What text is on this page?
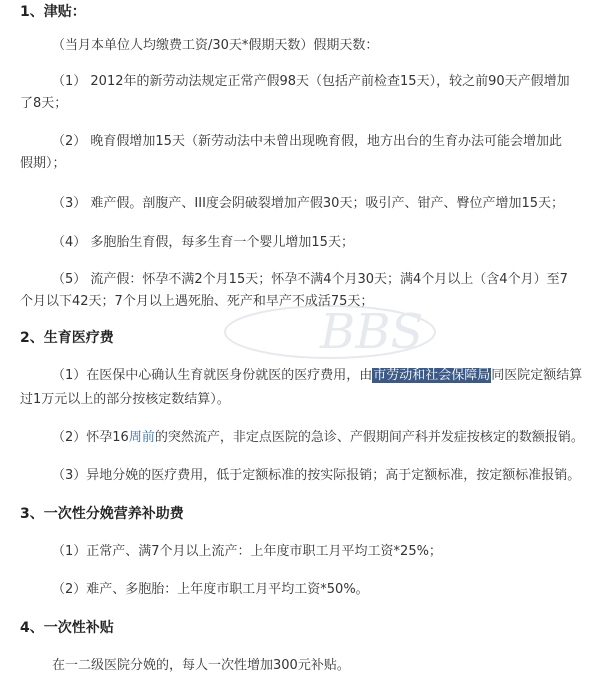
BBS
1、津贴：
（当月本单位人均缴费工资/30天*假期天数）假期天数：
（1） 2012年的新劳动法规定正常产假98天（包括产前检查15天），较之前90天产假增加
了8天；
（2） 晚育假增加15天（新劳动法中未曾出现晚育假，地方出台的生育办法可能会增加此
假期）；
（3） 难产假。剖腹产、III度会阴破裂增加产假30天；吸引产、钳产、臀位产增加15天；
（4） 多胞胎生育假，每多生育一个婴儿增加15天；
（5） 流产假：怀孕不满2个月15天；怀孕不满4个月30天；满4个月以上（含4个月）至7
个月以下42天；7个月以上遇死胎、死产和早产不成活75天；
2、生育医疗费
（1）在医保中心确认生育就医身份就医的医疗费用，由市劳动和社会保障局同医院定额结算
过1万元以上的部分按核定数结算）。
（2）怀孕16周前的突然流产，非定点医院的急诊、产假期间产科并发症按核定的数额报销。
（3）异地分娩的医疗费用，低于定额标准的按实际报销；高于定额标准，按定额标准报销。
3、一次性分娩营养补助费
（1）正常产、满7个月以上流产：上年度市职工月平均工资*25%；
（2）难产、多胞胎：上年度市职工月平均工资*50%。
4、一次性补贴
在一二级医院分娩的，每人一次性增加300元补贴。
